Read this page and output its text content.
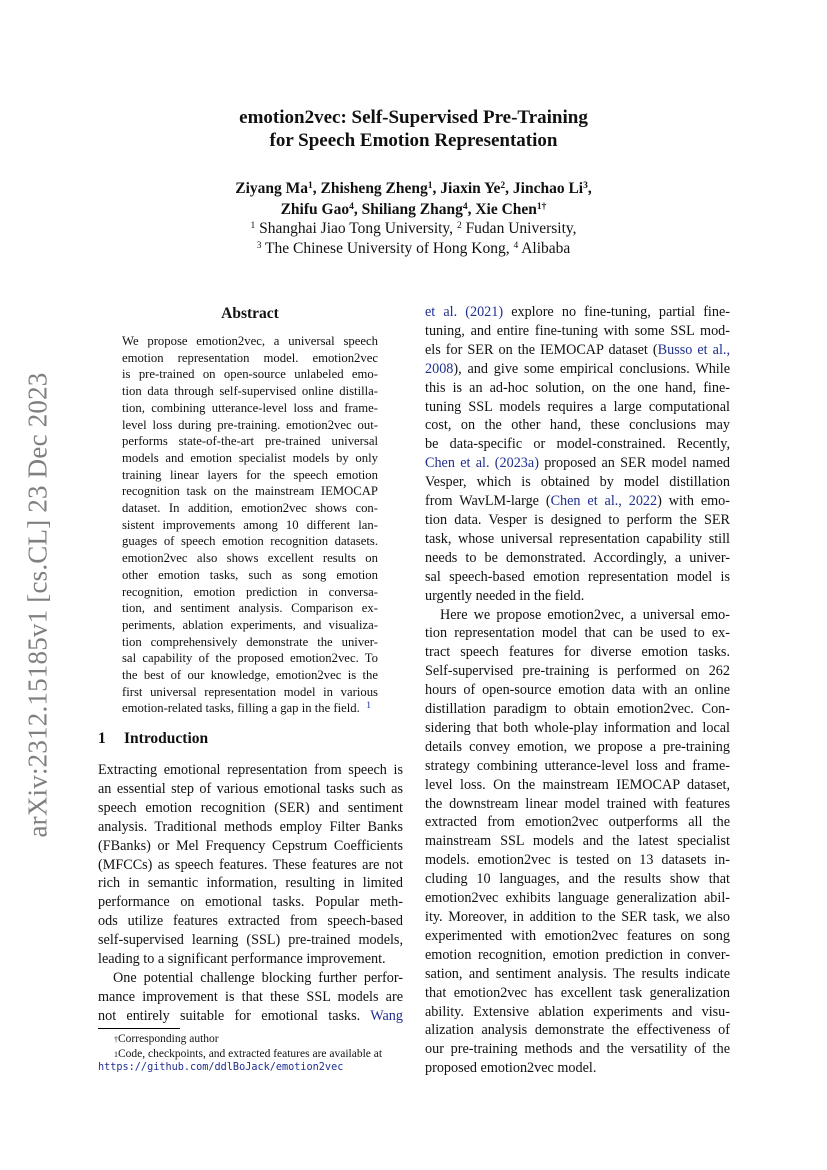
arXiv:2312.15185v1 [cs.CL] 23 Dec 2023
emotion2vec: Self-Supervised Pre-Training
for Speech Emotion Representation
Ziyang Ma$^1$, Zhisheng Zheng$^1$, Jiaxin Ye$^2$, Jinchao Li$^3$,
Zhifu Gao$^4$, Shiliang Zhang$^4$, Xie Chen$^{1\dagger}$
$^1$ Shanghai Jiao Tong University, $^2$ Fudan University,
$^3$ The Chinese University of Hong Kong, $^4$ Alibaba
Abstract
We propose emotion2vec, a universal speech
emotion representation model. emotion2vec
is pre-trained on open-source unlabeled emo-
tion data through self-supervised online distilla-
tion, combining utterance-level loss and frame-
level loss during pre-training. emotion2vec out-
performs state-of-the-art pre-trained universal
models and emotion specialist models by only
training linear layers for the speech emotion
recognition task on the mainstream IEMOCAP
dataset. In addition, emotion2vec shows con-
sistent improvements among 10 different lan-
guages of speech emotion recognition datasets.
emotion2vec also shows excellent results on
other emotion tasks, such as song emotion
recognition, emotion prediction in conversa-
tion, and sentiment analysis. Comparison ex-
periments, ablation experiments, and visualiza-
tion comprehensively demonstrate the univer-
sal capability of the proposed emotion2vec. To
the best of our knowledge, emotion2vec is the
first universal representation model in various
emotion-related tasks, filling a gap in the field. $^1$
1 Introduction
Extracting emotional representation from speech is
an essential step of various emotional tasks such as
speech emotion recognition (SER) and sentiment
analysis. Traditional methods employ Filter Banks
(FBanks) or Mel Frequency Cepstrum Coefficients
(MFCCs) as speech features. These features are not
rich in semantic information, resulting in limited
performance on emotional tasks. Popular meth-
ods utilize features extracted from speech-based
self-supervised learning (SSL) pre-trained models,
leading to a significant performance improvement.
One potential challenge blocking further perfor-
mance improvement is that these SSL models are
not entirely suitable for emotional tasks. Wang
et al. (2021) explore no fine-tuning, partial fine-
tuning, and entire fine-tuning with some SSL mod-
els for SER on the IEMOCAP dataset (Busso et al.,
2008), and give some empirical conclusions. While
this is an ad-hoc solution, on the one hand, fine-
tuning SSL models requires a large computational
cost, on the other hand, these conclusions may
be data-specific or model-constrained. Recently,
Chen et al. (2023a) proposed an SER model named
Vesper, which is obtained by model distillation
from WavLM-large (Chen et al., 2022) with emo-
tion data. Vesper is designed to perform the SER
task, whose universal representation capability still
needs to be demonstrated. Accordingly, a univer-
sal speech-based emotion representation model is
urgently needed in the field.
Here we propose emotion2vec, a universal emo-
tion representation model that can be used to ex-
tract speech features for diverse emotion tasks.
Self-supervised pre-training is performed on 262
hours of open-source emotion data with an online
distillation paradigm to obtain emotion2vec. Con-
sidering that both whole-play information and local
details convey emotion, we propose a pre-training
strategy combining utterance-level loss and frame-
level loss. On the mainstream IEMOCAP dataset,
the downstream linear model trained with features
extracted from emotion2vec outperforms all the
mainstream SSL models and the latest specialist
models. emotion2vec is tested on 13 datasets in-
cluding 10 languages, and the results show that
emotion2vec exhibits language generalization abil-
ity. Moreover, in addition to the SER task, we also
experimented with emotion2vec features on song
emotion recognition, emotion prediction in conver-
sation, and sentiment analysis. The results indicate
that emotion2vec has excellent task generalization
ability. Extensive ablation experiments and visu-
alization analysis demonstrate the effectiveness of
our pre-training methods and the versatility of the
proposed emotion2vec model.
†Corresponding author
$^1$Code, checkpoints, and extracted features are available at
https://github.com/ddlBoJack/emotion2vec
